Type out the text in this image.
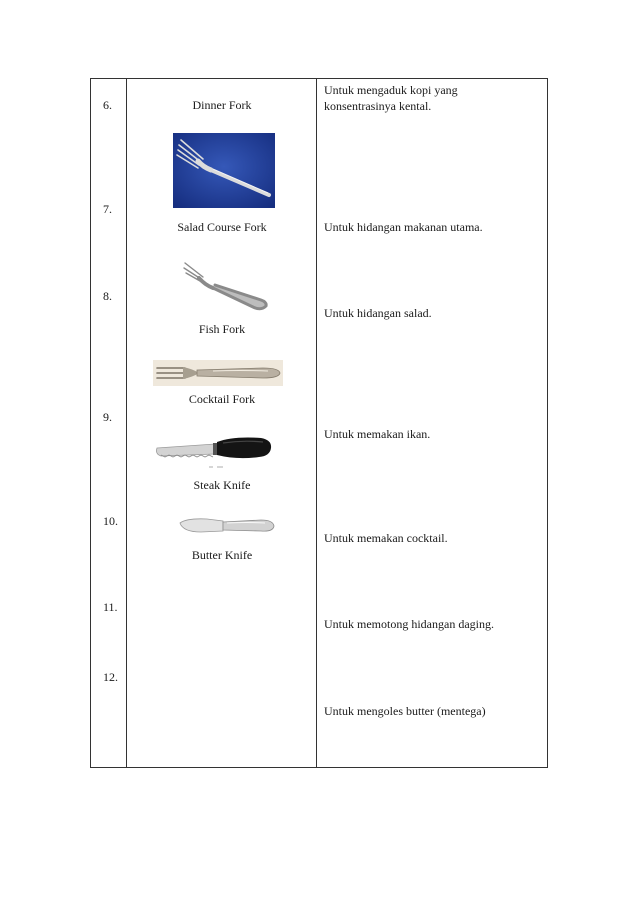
6.
7.
8.
9.
10.
11.
12.
Dinner Fork
Salad Course Fork
Fish Fork
Cocktail Fork
Steak Knife
Butter Knife
Untuk mengaduk kopi yang
konsentrasinya kental.
Untuk hidangan makanan utama.
Untuk hidangan salad.
Untuk memakan ikan.
Untuk memakan cocktail.
Untuk memotong hidangan daging.
Untuk mengoles butter (mentega)
